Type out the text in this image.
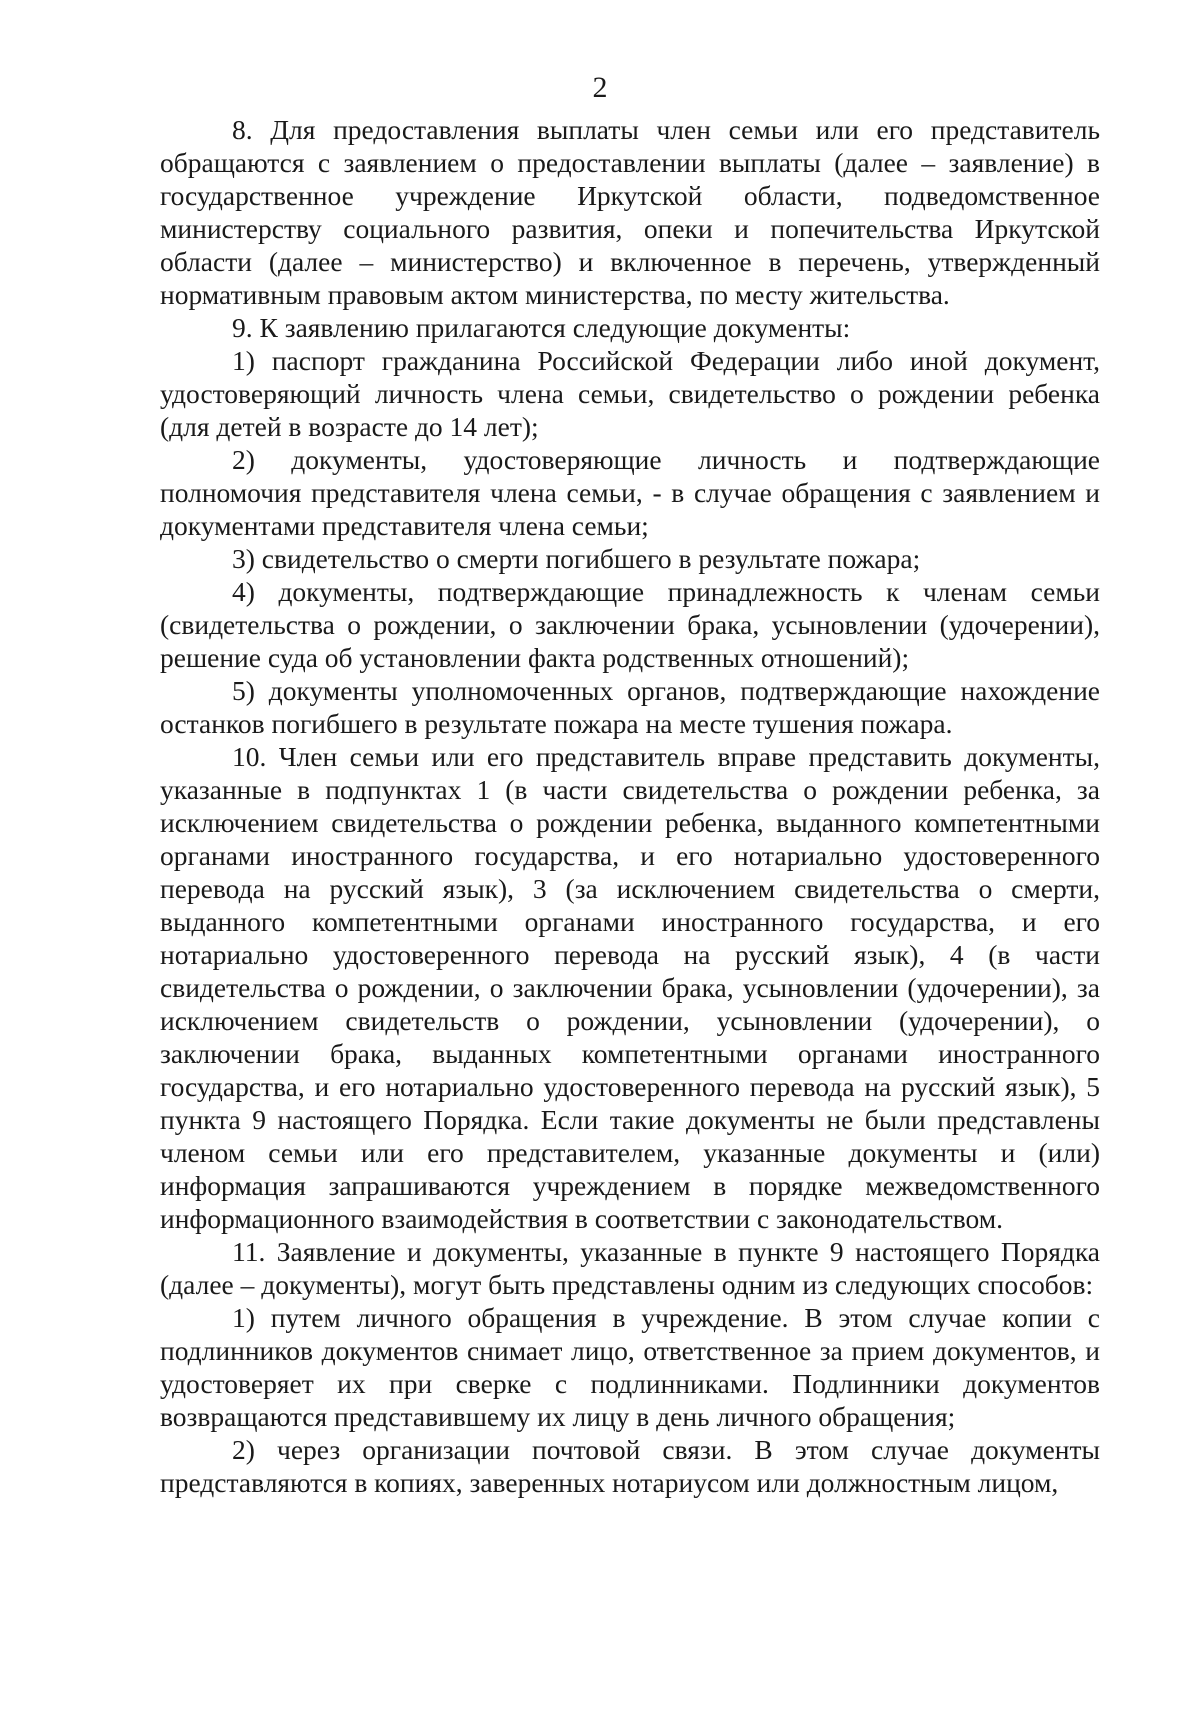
2

8. Для предоставления выплаты член семьи или его представитель обращаются с заявлением о предоставлении выплаты (далее – заявление) в государственное учреждение Иркутской области, подведомственное министерству социального развития, опеки и попечительства Иркутской области (далее – министерство) и включенное в перечень, утвержденный нормативным правовым актом министерства, по месту жительства.

9. К заявлению прилагаются следующие документы:

1) паспорт гражданина Российской Федерации либо иной документ, удостоверяющий личность члена семьи, свидетельство о рождении ребенка (для детей в возрасте до 14 лет);

2) документы, удостоверяющие личность и подтверждающие полномочия представителя члена семьи, - в случае обращения с заявлением и документами представителя члена семьи;

3) свидетельство о смерти погибшего в результате пожара;

4) документы, подтверждающие принадлежность к членам семьи (свидетельства о рождении, о заключении брака, усыновлении (удочерении), решение суда об установлении факта родственных отношений);

5) документы уполномоченных органов, подтверждающие нахождение останков погибшего в результате пожара на месте тушения пожара.

10. Член семьи или его представитель вправе представить документы, указанные в подпунктах 1 (в части свидетельства о рождении ребенка, за исключением свидетельства о рождении ребенка, выданного компетентными органами иностранного государства, и его нотариально удостоверенного перевода на русский язык), 3 (за исключением свидетельства о смерти, выданного компетентными органами иностранного государства, и его нотариально удостоверенного перевода на русский язык), 4 (в части свидетельства о рождении, о заключении брака, усыновлении (удочерении), за исключением свидетельств о рождении, усыновлении (удочерении), о заключении брака, выданных компетентными органами иностранного государства, и его нотариально удостоверенного перевода на русский язык), 5 пункта 9 настоящего Порядка. Если такие документы не были представлены членом семьи или его представителем, указанные документы и (или) информация запрашиваются учреждением в порядке межведомственного информационного взаимодействия в соответствии с законодательством.

11. Заявление и документы, указанные в пункте 9 настоящего Порядка (далее – документы), могут быть представлены одним из следующих способов:

1) путем личного обращения в учреждение. В этом случае копии с подлинников документов снимает лицо, ответственное за прием документов, и удостоверяет их при сверке с подлинниками. Подлинники документов возвращаются представившему их лицу в день личного обращения;

2) через организации почтовой связи. В этом случае документы представляются в копиях, заверенных нотариусом или должностным лицом,
